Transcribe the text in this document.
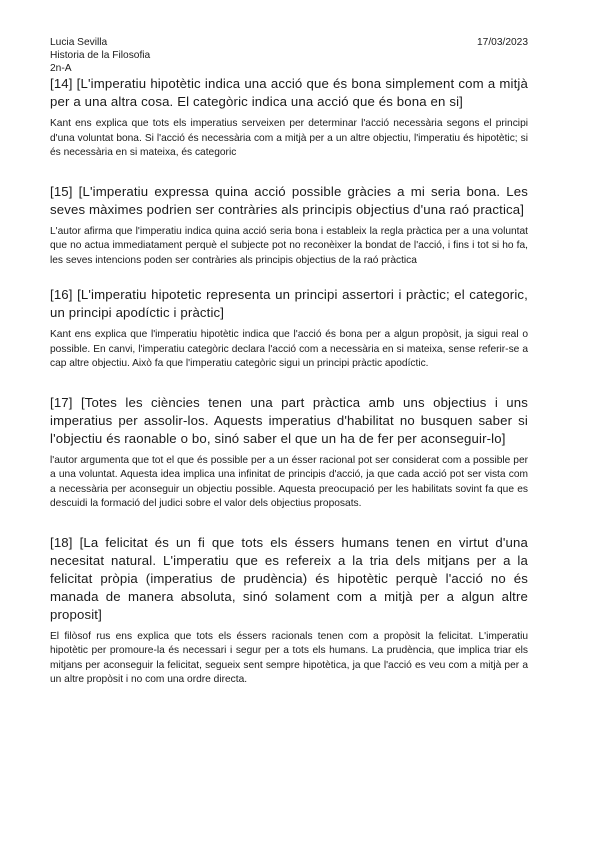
Lucia Sevilla
Historia de la Filosofia
2n-A
17/03/2023

[14] [L'imperatiu hipotètic indica una acció que és bona simplement com a mitjà per a una altra cosa. El categòric indica una acció que és bona en si]

Kant ens explica que tots els imperatius serveixen per determinar l'acció necessària segons el principi d'una voluntat bona. Si l'acció és necessària com a mitjà per a un altre objectiu, l'imperatiu és hipotètic; si és necessària en si mateixa, és categoric

[15] [L'imperatiu expressa quina acció possible gràcies a mi seria bona. Les seves màximes podrien ser contràries als principis objectius d'una raó practica]

L'autor afirma que l'imperatiu indica quina acció seria bona i estableix la regla pràctica per a una voluntat que no actua immediatament perquè el subjecte pot no reconèixer la bondat de l'acció, i fins i tot si ho fa, les seves intencions poden ser contràries als principis objectius de la raó pràctica

[16] [L'imperatiu hipotetic representa un principi assertori i pràctic; el categoric, un principi apodíctic i pràctic]

Kant ens explica que l'imperatiu hipotètic indica que l'acció és bona per a algun propòsit, ja sigui real o possible. En canvi, l'imperatiu categòric declara l'acció com a necessària en si mateixa, sense referir-se a cap altre objectiu. Això fa que l'imperatiu categòric sigui un principi pràctic apodíctic.

[17] [Totes les ciències tenen una part pràctica amb uns objectius i uns imperatius per assolir-los. Aquests imperatius d'habilitat no busquen saber si l'objectiu és raonable o bo, sinó saber el que un ha de fer per aconseguir-lo]

l'autor argumenta que tot el que és possible per a un ésser racional pot ser considerat com a possible per a una voluntat. Aquesta idea implica una infinitat de principis d'acció, ja que cada acció pot ser vista com a necessària per aconseguir un objectiu possible. Aquesta preocupació per les habilitats sovint fa que es descuidi la formació del judici sobre el valor dels objectius proposats.

[18] [La felicitat és un fi que tots els éssers humans tenen en virtut d'una necesitat natural. L'imperatiu que es refereix a la tria dels mitjans per a la felicitat pròpia (imperatius de prudència) és hipotètic perquè l'acció no és manada de manera absoluta, sinó solament com a mitjà per a algun altre proposit]

El filòsof rus ens explica que tots els éssers racionals tenen com a propòsit la felicitat. L'imperatiu hipotètic per promoure-la és necessari i segur per a tots els humans. La prudència, que implica triar els mitjans per aconseguir la felicitat, segueix sent sempre hipotètica, ja que l'acció es veu com a mitjà per a un altre propòsit i no com una ordre directa.
